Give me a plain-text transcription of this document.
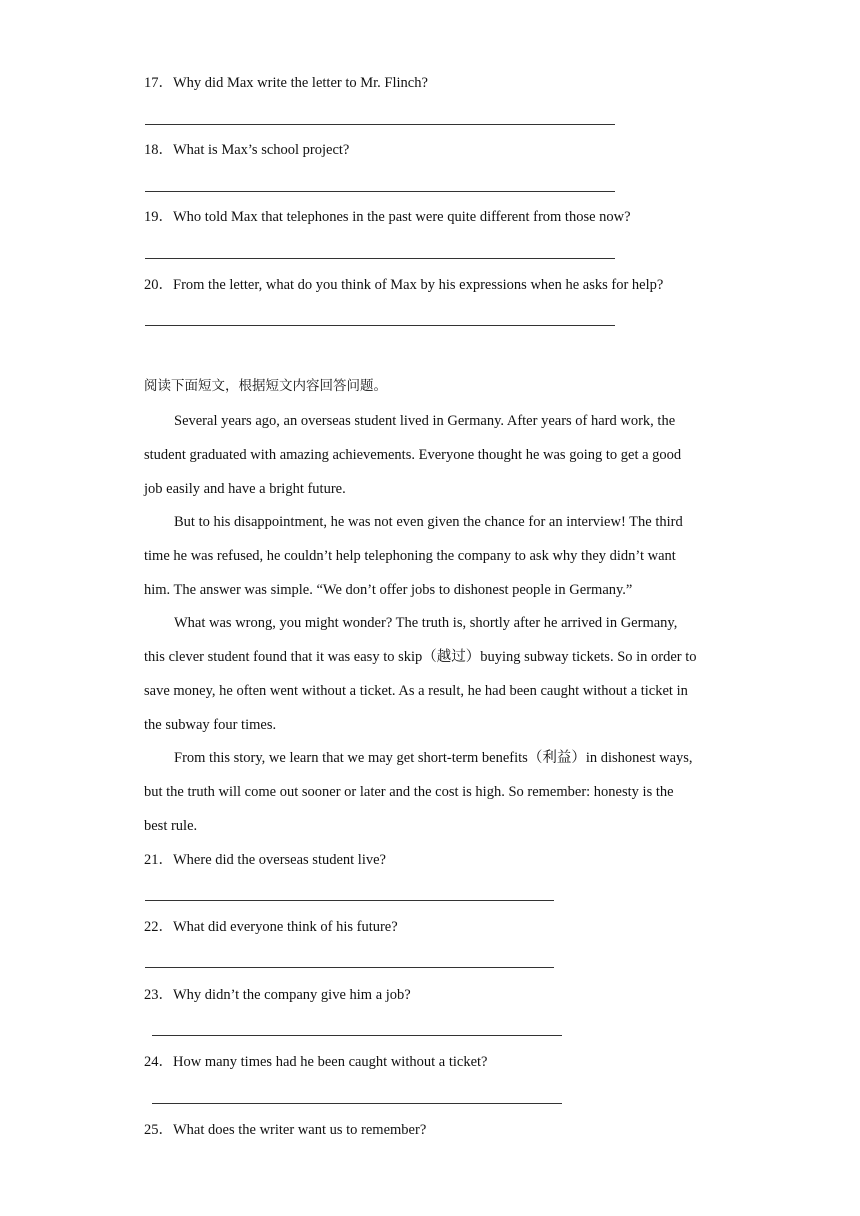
17．Why did Max write the letter to Mr. Flinch?
18．What is Max’s school project?
19．Who told Max that telephones in the past were quite different from those now?
20．From the letter, what do you think of Max by his expressions when he asks for help?
阅读下面短文，根据短文内容回答问题。
Several years ago, an overseas student lived in Germany. After years of hard work, the
student graduated with amazing achievements. Everyone thought he was going to get a good
job easily and have a bright future.
But to his disappointment, he was not even given the chance for an interview! The third
time he was refused, he couldn’t help telephoning the company to ask why they didn’t want
him. The answer was simple. “We don’t offer jobs to dishonest people in Germany.”
What was wrong, you might wonder? The truth is, shortly after he arrived in Germany,
this clever student found that it was easy to skip（越过）buying subway tickets. So in order to
save money, he often went without a ticket. As a result, he had been caught without a ticket in
the subway four times.
From this story, we learn that we may get short-term benefits（利益）in dishonest ways,
but the truth will come out sooner or later and the cost is high. So remember: honesty is the
best rule.
21．Where did the overseas student live?
22．What did everyone think of his future?
23．Why didn’t the company give him a job?
24．How many times had he been caught without a ticket?
25．What does the writer want us to remember?
